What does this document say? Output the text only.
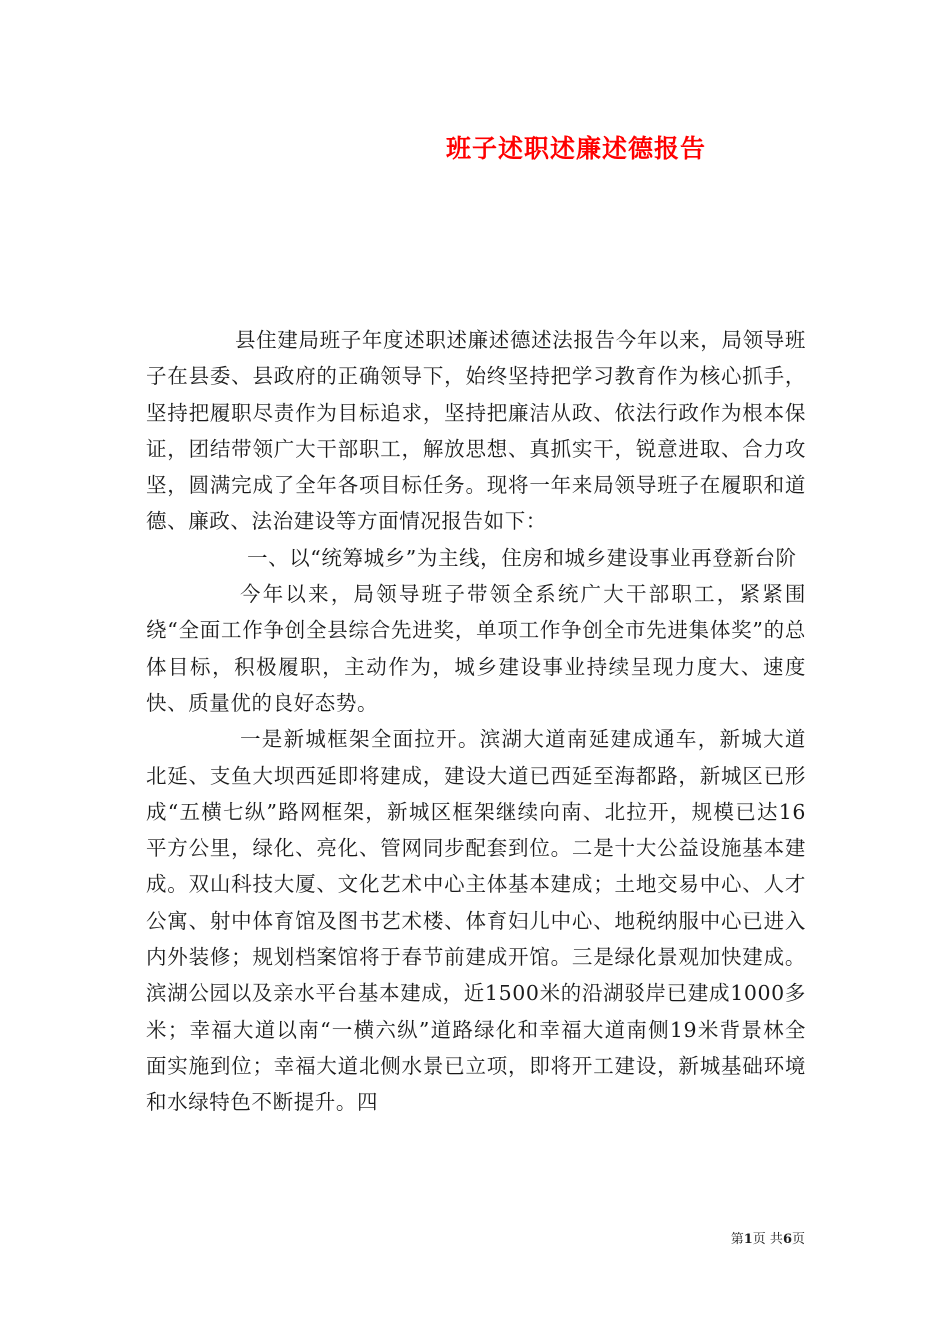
班子述职述廉述德报告

县住建局班子年度述职述廉述德述法报告今年以来，局领导班子在县委、县政府的正确领导下，始终坚持把学习教育作为核心抓手，坚持把履职尽责作为目标追求，坚持把廉洁从政、依法行政作为根本保证，团结带领广大干部职工，解放思想、真抓实干，锐意进取、合力攻坚，圆满完成了全年各项目标任务。现将一年来局领导班子在履职和道德、廉政、法治建设等方面情况报告如下：

一、以“统筹城乡”为主线，住房和城乡建设事业再登新台阶

今年以来，局领导班子带领全系统广大干部职工，紧紧围绕“全面工作争创全县综合先进奖，单项工作争创全市先进集体奖”的总体目标，积极履职，主动作为，城乡建设事业持续呈现力度大、速度快、质量优的良好态势。

一是新城框架全面拉开。滨湖大道南延建成通车，新城大道北延、支鱼大坝西延即将建成，建设大道已西延至海都路，新城区已形成“五横七纵”路网框架，新城区框架继续向南、北拉开，规模已达16平方公里，绿化、亮化、管网同步配套到位。二是十大公益设施基本建成。双山科技大厦、文化艺术中心主体基本建成；土地交易中心、人才公寓、射中体育馆及图书艺术楼、体育妇儿中心、地税纳服中心已进入内外装修；规划档案馆将于春节前建成开馆。三是绿化景观加快建成。滨湖公园以及亲水平台基本建成，近1500米的沿湖驳岸已建成1000多米；幸福大道以南“一横六纵”道路绿化和幸福大道南侧19米背景林全面实施到位；幸福大道北侧水景已立项，即将开工建设，新城基础环境和水绿特色不断提升。四

第1页 共6页
